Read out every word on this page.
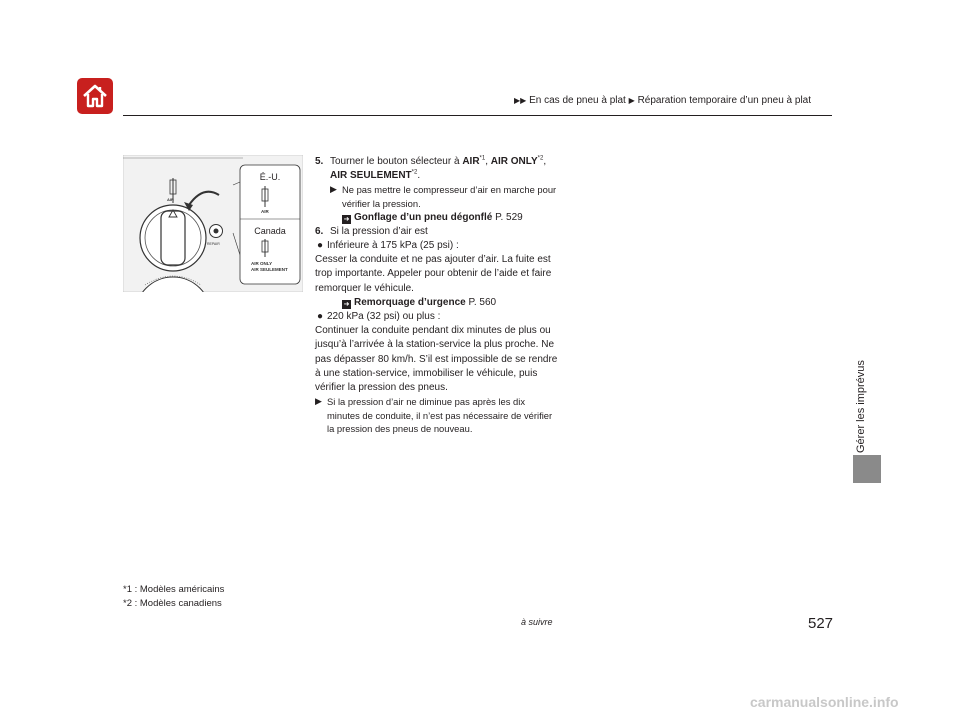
▶▶ En cas de pneu à plat ▶ Réparation temporaire d’un pneu à plat
Gérer les imprévus
AIR
REPAIR
É.-U.
AIR
Canada
AIR ONLY
AIR SEULEMENT
5. Tourner le bouton sélecteur à AIR$^{*1}$, AIR ONLY$^{*2}$, AIR SEULEMENT$^{*2}$.

▶ Ne pas mettre le compresseur d’air en marche pour vérifier la pression.
➜ Gonflage d’un pneu dégonflé P. 529
6. Si la pression d’air est

● Inférieure à 175 kPa (25 psi) :

Cesser la conduite et ne pas ajouter d’air. La fuite est trop importante. Appeler pour obtenir de l’aide et faire remorquer le véhicule.

➜ Remorquage d’urgence P. 560
● 220 kPa (32 psi) ou plus :

Continuer la conduite pendant dix minutes de plus ou jusqu’à l’arrivée à la station-service la plus proche. Ne pas dépasser 80 km/h. S’il est impossible de se rendre à une station-service, immobiliser le véhicule, puis vérifier la pression des pneus.

▶ Si la pression d’air ne diminue pas après les dix minutes de conduite, il n’est pas nécessaire de vérifier la pression des pneus de nouveau.
*1 : Modèles américains
*2 : Modèles canadiens
à suivre	527
carmanualsonline.info
